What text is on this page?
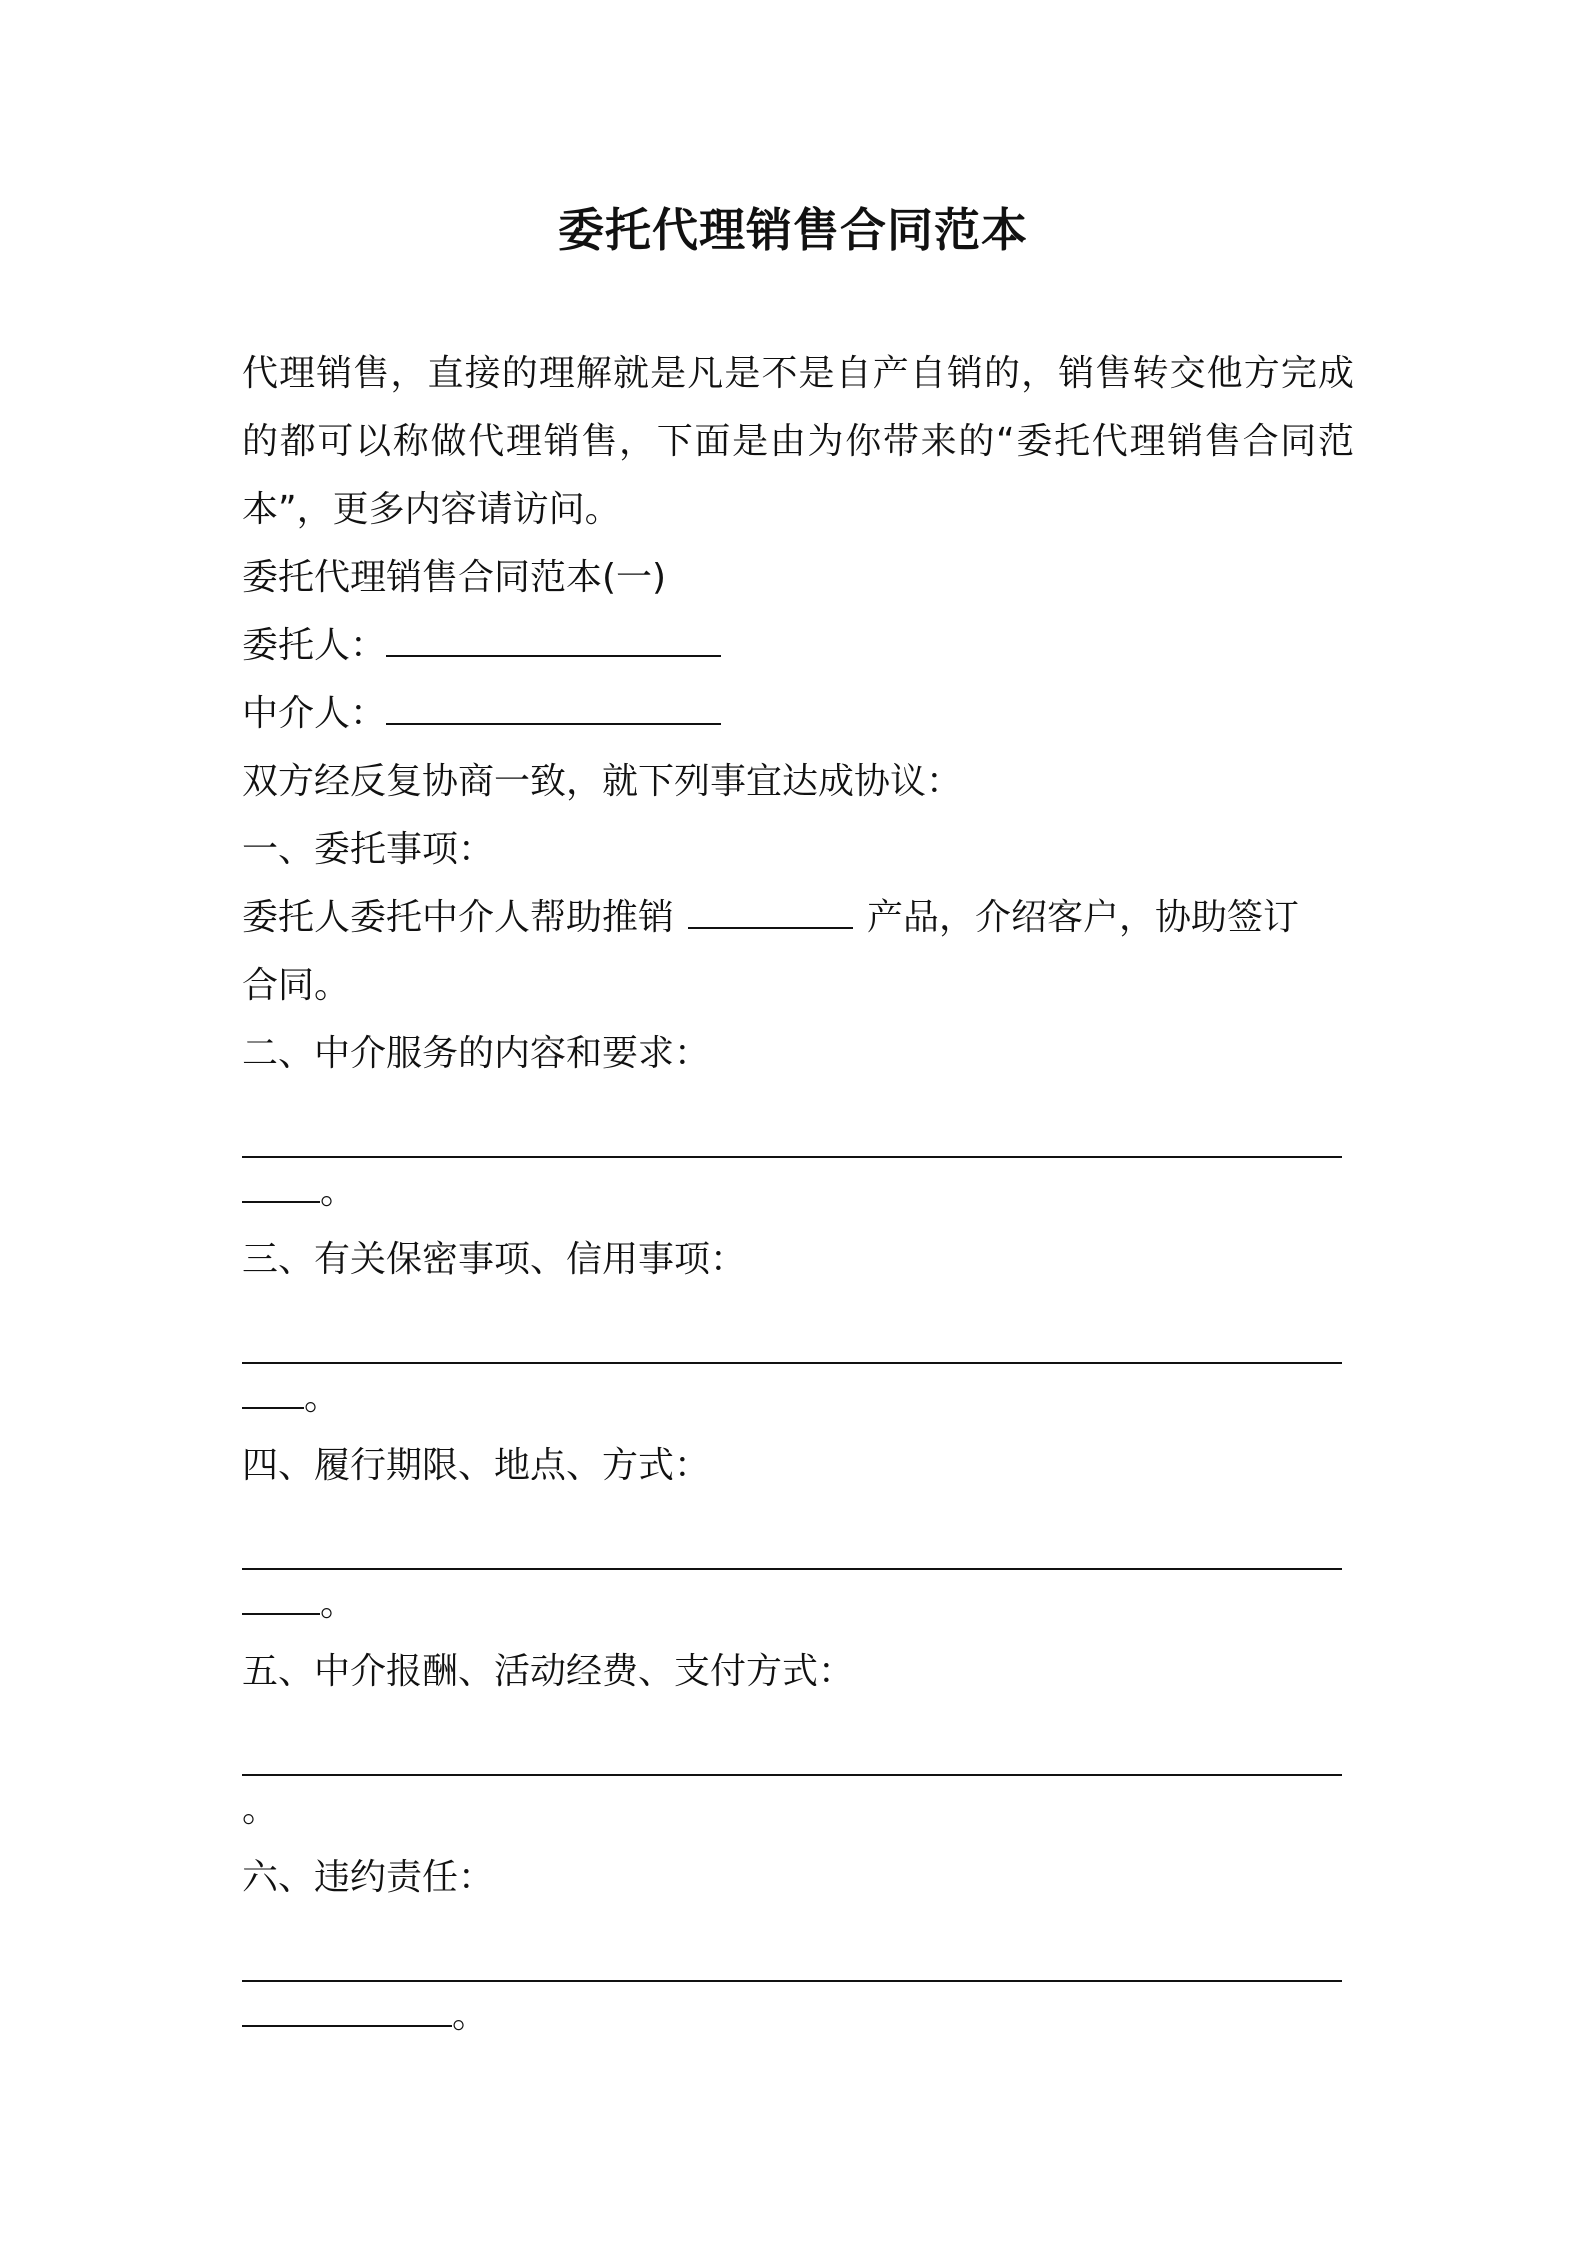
委托代理销售合同范本

代理销售，直接的理解就是凡是不是自产自销的，销售转交他方完成的都可以称做代理销售，下面是由为你带来的“委托代理销售合同范本”，更多内容请访问。

委托代理销售合同范本(一)

委托人：

中介人：

双方经反复协商一致，就下列事宜达成协议：

一、委托事项：

委托人委托中介人帮助推销	产品，介绍客户，协助签订

合同。

二、中介服务的内容和要求：

。

三、有关保密事项、信用事项：

。

四、履行期限、地点、方式：

。

五、中介报酬、活动经费、支付方式：

。

六、违约责任：

。
